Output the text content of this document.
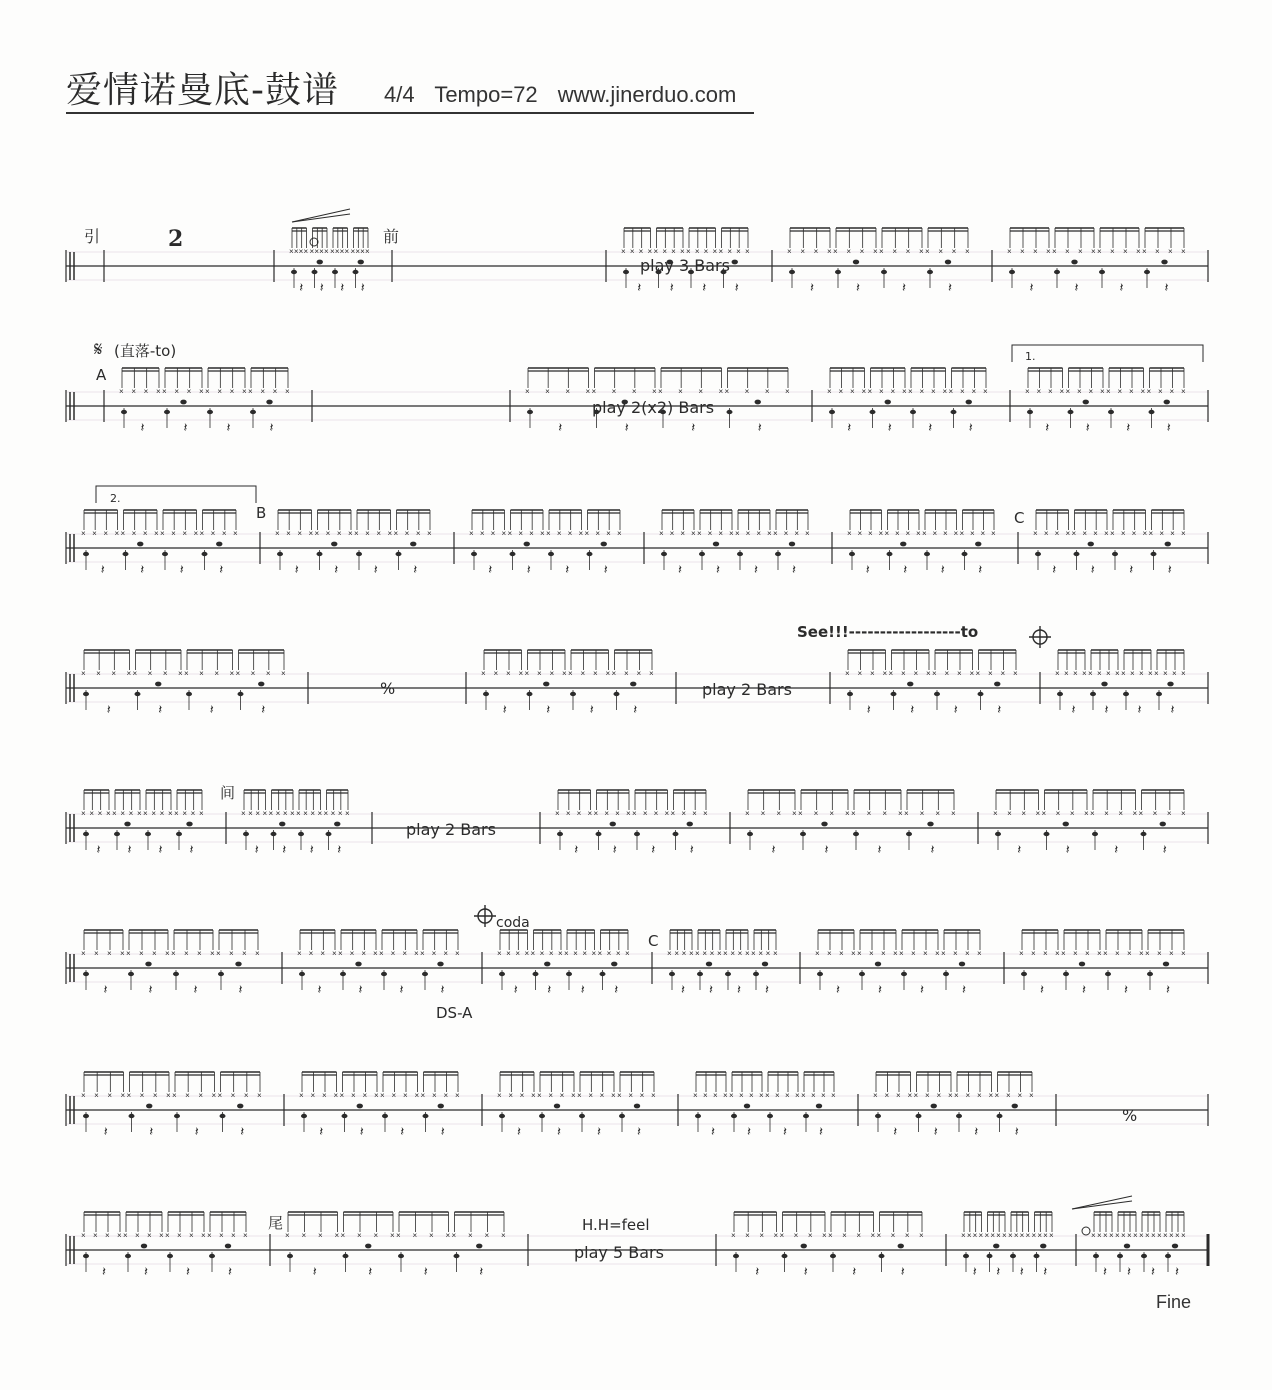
爱情诺曼底-鼓谱 4/4 Tempo=72 www.jinerduo.com
× × × ×
𝄽
× × × ×
𝄽
× × × ×
𝄽
× × × ×
𝄽
× × × ×
𝄽
× × × ×
𝄽
× × × ×
𝄽
× × × ×
𝄽
× × × ×
𝄽
× × × ×
𝄽
× × × ×
𝄽
× × × ×
𝄽
× × × ×
𝄽
× × × ×
𝄽
× × × ×
𝄽
× × × ×
𝄽
× × × ×
𝄽
× × × ×
𝄽
× × × ×
𝄽
× × × ×
𝄽
× × × ×
𝄽
× × × ×
𝄽
× × × ×
𝄽
× × × ×
𝄽
× × × ×
𝄽
× × × ×
𝄽
× × × ×
𝄽
× × × ×
𝄽
× × × ×
𝄽
× × × ×
𝄽
× × × ×
𝄽
× × × ×
𝄽
× × × ×
𝄽
× × × ×
𝄽
× × × ×
𝄽
× × × ×
𝄽
× × × ×
𝄽
× × × ×
𝄽
× × × ×
𝄽
× × × ×
𝄽
× × × ×
𝄽
× × × ×
𝄽
× × × ×
𝄽
× × × ×
𝄽
× × × ×
𝄽
× × × ×
𝄽
× × × ×
𝄽
× × × ×
𝄽
× × × ×
𝄽
× × × ×
𝄽
× × × ×
𝄽
× × × ×
𝄽
× × × ×
𝄽
× × × ×
𝄽
× × × ×
𝄽
× × × ×
𝄽
× × × ×
𝄽
× × × ×
𝄽
× × × ×
𝄽
× × × ×
𝄽
× × × ×
𝄽
× × × ×
𝄽
× × × ×
𝄽
× × × ×
𝄽
× × × ×
𝄽
× × × ×
𝄽
× × × ×
𝄽
× × × ×
𝄽
× × × ×
𝄽
× × × ×
𝄽
× × × ×
𝄽
× × × ×
𝄽
× × × ×
𝄽
× × × ×
𝄽
× × × ×
𝄽
× × × ×
𝄽
× × × ×
𝄽
× × × ×
𝄽
× × × ×
𝄽
× × × ×
𝄽
× × × ×
𝄽
× × × ×
𝄽
× × × ×
𝄽
× × × ×
𝄽
× × × ×
𝄽
× × × ×
𝄽
× × × ×
𝄽
× × × ×
𝄽
× × × ×
𝄽
× × × ×
𝄽
× × × ×
𝄽
× × × ×
𝄽
× × × ×
𝄽
× × × ×
𝄽
× × × ×
𝄽
× × × ×
𝄽
× × × ×
𝄽
× × × ×
𝄽
× × × ×
𝄽
× × × ×
𝄽
× × × ×
𝄽
× × × ×
𝄽
× × × ×
𝄽
× × × ×
𝄽
× × × ×
𝄽
× × × ×
𝄽
× × × ×
𝄽
× × × ×
𝄽
× × × ×
𝄽
× × × ×
𝄽
× × × ×
𝄽
× × × ×
𝄽
× × × ×
𝄽
× × × ×
𝄽
× × × ×
𝄽
× × × ×
𝄽
× × × ×
𝄽
× × × ×
𝄽
× × × ×
𝄽
× × × ×
𝄽
× × × ×
𝄽
× × × ×
𝄽
× × × ×
𝄽
× × × ×
𝄽
× × × ×
𝄽
× × × ×
𝄽
× × × ×
𝄽
× × × ×
𝄽
× × × ×
𝄽
× × × ×
𝄽
× × × ×
𝄽
× × × ×
𝄽
× × × ×
𝄽
× × × ×
𝄽
× × × ×
𝄽
× × × ×
𝄽
× × × ×
𝄽
× × × ×
𝄽
× × × ×
𝄽
× × × ×
𝄽
× × × ×
𝄽
× × × ×
𝄽
× × × ×
𝄽
× × × ×
𝄽
× × × ×
𝄽
× × × ×
𝄽
× × × ×
𝄽
× × × ×
𝄽
× × × ×
𝄽
× × × ×
𝄽
× × × ×
𝄽
× × × ×
𝄽
× × × ×
𝄽
× × × ×
𝄽
× × × ×
𝄽
× × × ×
𝄽
引	2	前
𝄋 (直落-to)
A
1.
2.
B	C
See!!!------------------to
间
coda
C
DS-A
尾	H.H=feel
play 3 Bars
play 2(x2) Bars
play 2 Bars
play 2 Bars
play 5 Bars
%
%
Fine
